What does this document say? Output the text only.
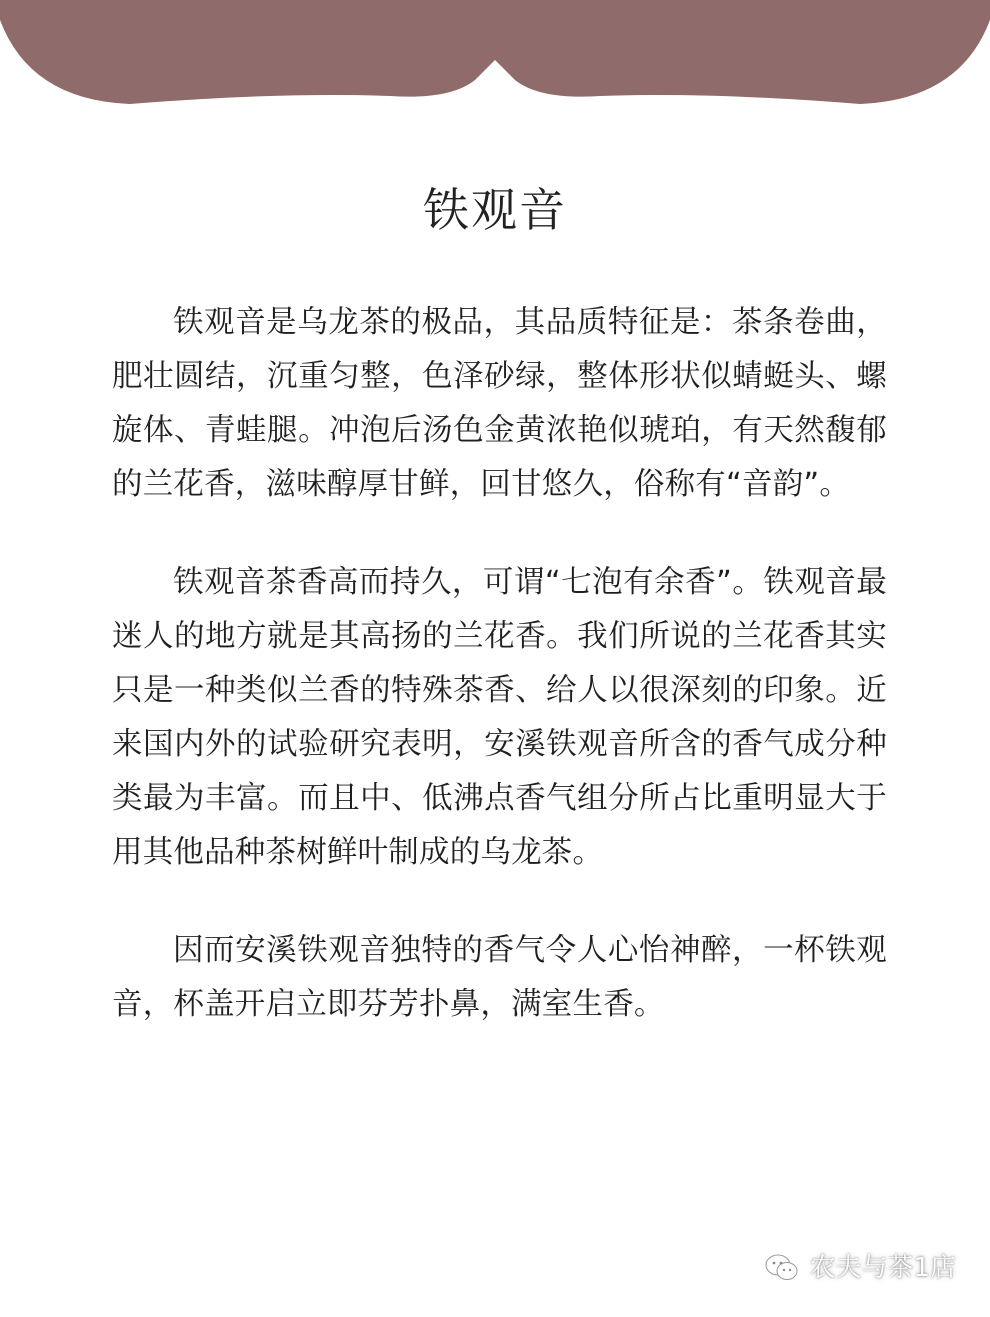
铁观音

铁观音是乌龙茶的极品，其品质特征是：茶条卷曲，肥壮圆结，沉重匀整，色泽砂绿，整体形状似蜻蜓头、螺旋体、青蛙腿。冲泡后汤色金黄浓艳似琥珀，有天然馥郁的兰花香，滋味醇厚甘鲜，回甘悠久，俗称有“音韵”。

铁观音茶香高而持久，可谓“七泡有余香”。铁观音最迷人的地方就是其高扬的兰花香。我们所说的兰花香其实只是一种类似兰香的特殊茶香、给人以很深刻的印象。近来国内外的试验研究表明，安溪铁观音所含的香气成分种类最为丰富。而且中、低沸点香气组分所占比重明显大于用其他品种茶树鲜叶制成的乌龙茶。

因而安溪铁观音独特的香气令人心怡神醉，一杯铁观音，杯盖开启立即芬芳扑鼻，满室生香。

农夫与茶1店
